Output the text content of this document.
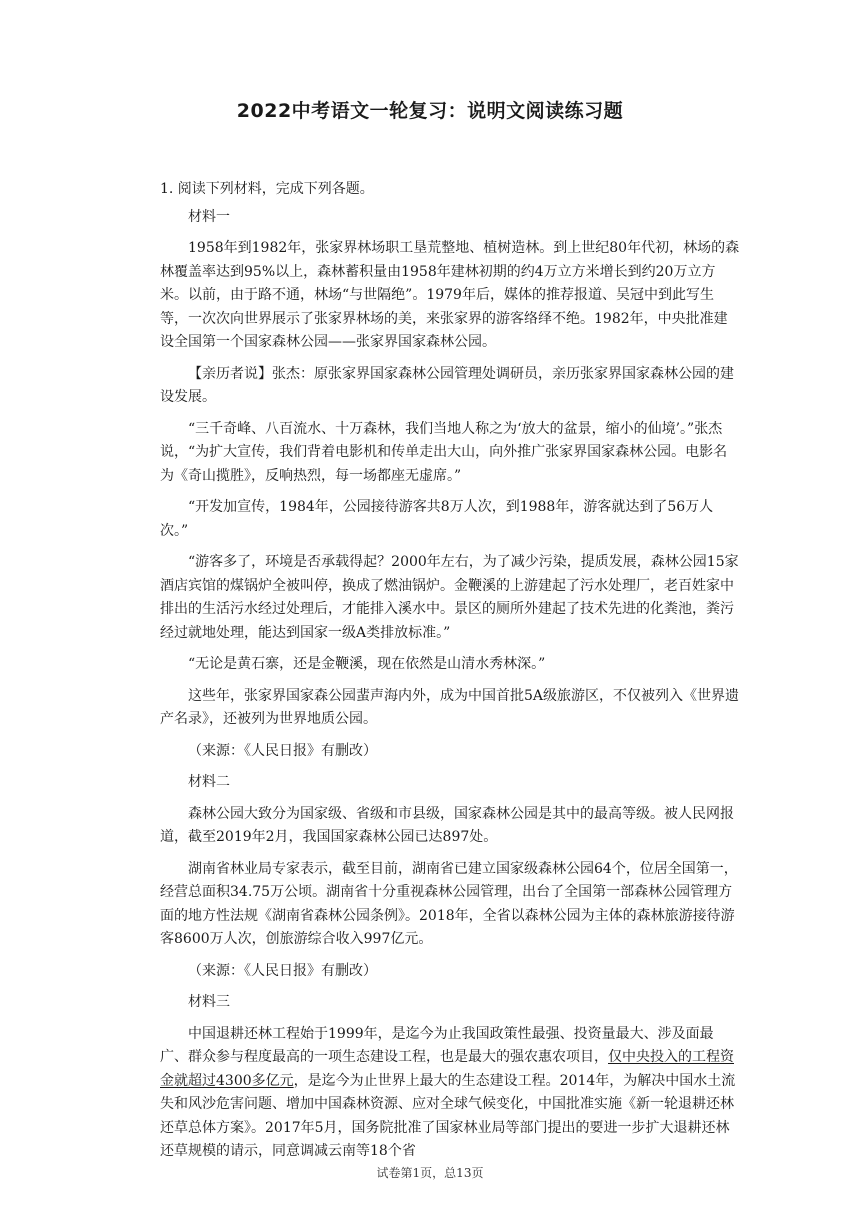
2022中考语文一轮复习：说明文阅读练习题

1. 阅读下列材料，完成下列各题。

材料一

1958年到1982年，张家界林场职工垦荒整地、植树造林。到上世纪80年代初，林场的森林覆盖率达到95%以上，森林蓄积量由1958年建林初期的约4万立方米增长到约20万立方米。以前，由于路不通，林场“与世隔绝”。1979年后，媒体的推荐报道、吴冠中到此写生等，一次次向世界展示了张家界林场的美，来张家界的游客络绎不绝。1982年，中央批准建设全国第一个国家森林公园——张家界国家森林公园。

【亲历者说】张杰：原张家界国家森林公园管理处调研员，亲历张家界国家森林公园的建设发展。

“三千奇峰、八百流水、十万森林，我们当地人称之为‘放大的盆景，缩小的仙境’。”张杰说，“为扩大宣传，我们背着电影机和传单走出大山，向外推广张家界国家森林公园。电影名为《奇山揽胜》，反响热烈，每一场都座无虚席。”

“开发加宣传，1984年，公园接待游客共8万人次，到1988年，游客就达到了56万人次。”

“游客多了，环境是否承载得起？2000年左右，为了减少污染，提质发展，森林公园15家酒店宾馆的煤锅炉全被叫停，换成了燃油锅炉。金鞭溪的上游建起了污水处理厂，老百姓家中排出的生活污水经过处理后，才能排入溪水中。景区的厕所外建起了技术先进的化粪池，粪污经过就地处理，能达到国家一级A类排放标准。”

“无论是黄石寨，还是金鞭溪，现在依然是山清水秀林深。”

这些年，张家界国家森公园蜚声海内外，成为中国首批5A级旅游区，不仅被列入《世界遗产名录》，还被列为世界地质公园。

（来源：《人民日报》有删改）

材料二

森林公园大致分为国家级、省级和市县级，国家森林公园是其中的最高等级。被人民网报道，截至2019年2月，我国国家森林公园已达897处。

湖南省林业局专家表示，截至目前，湖南省已建立国家级森林公园64个，位居全国第一，经营总面积34.75万公顷。湖南省十分重视森林公园管理，出台了全国第一部森林公园管理方面的地方性法规《湖南省森林公园条例》。2018年，全省以森林公园为主体的森林旅游接待游客8600万人次，创旅游综合收入997亿元。

（来源：《人民日报》有删改）

材料三

中国退耕还林工程始于1999年，是迄今为止我国政策性最强、投资量最大、涉及面最广、群众参与程度最高的一项生态建设工程，也是最大的强农惠农项目，仅中央投入的工程资金就超过4300多亿元，是迄今为止世界上最大的生态建设工程。2014年，为解决中国水土流失和风沙危害问题、增加中国森林资源、应对全球气候变化，中国批准实施《新一轮退耕还林还草总体方案》。2017年5月，国务院批准了国家林业局等部门提出的要进一步扩大退耕还林还草规模的请示，同意调减云南等18个省

试卷第1页，总13页
